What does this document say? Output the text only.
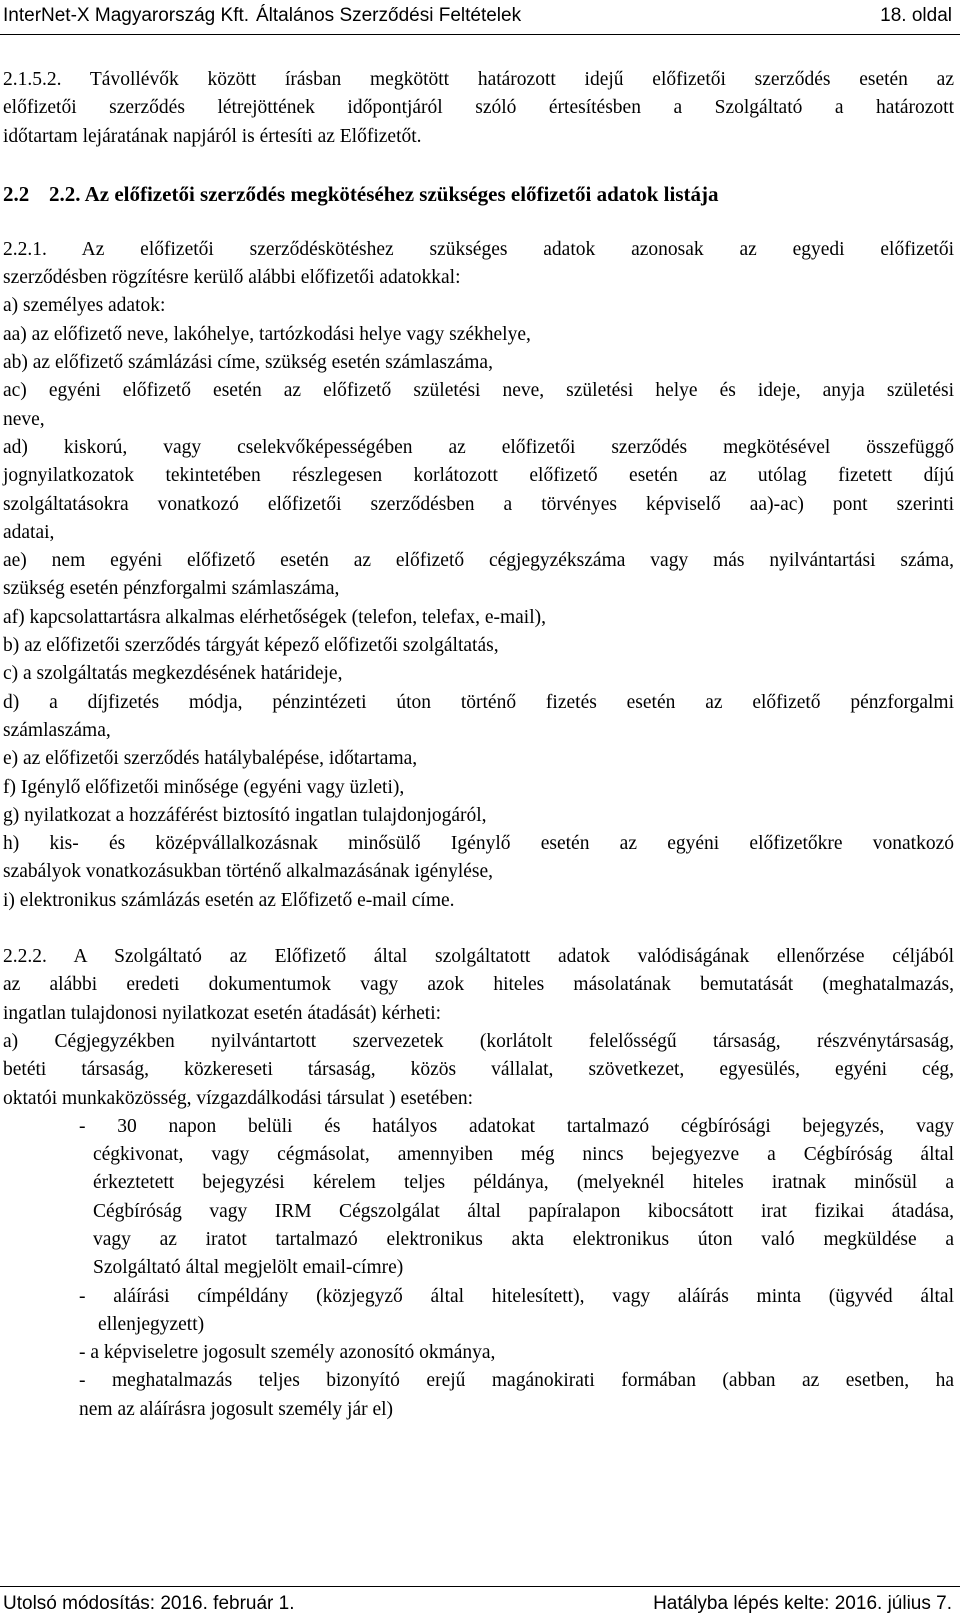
InterNet-X Magyarország Kft. Általános Szerződési Feltételek	18. oldal
2.1.5.2. Távollévők között írásban megkötött határozott idejű előfizetői szerződés esetén az
előfizetői szerződés létrejöttének időpontjáról szóló értesítésben a Szolgáltató a határozott
időtartam lejáratának napjáról is értesíti az Előfizetőt.
2.2 2.2. Az előfizetői szerződés megkötéséhez szükséges előfizetői adatok listája
2.2.1. Az előfizetői szerződéskötéshez szükséges adatok azonosak az egyedi előfizetői
szerződésben rögzítésre kerülő alábbi előfizetői adatokkal:
a) személyes adatok:
aa) az előfizető neve, lakóhelye, tartózkodási helye vagy székhelye,
ab) az előfizető számlázási címe, szükség esetén számlaszáma,
ac) egyéni előfizető esetén az előfizető születési neve, születési helye és ideje, anyja születési
neve,
ad) kiskorú, vagy cselekvőképességében az előfizetői szerződés megkötésével összefüggő
jognyilatkozatok tekintetében részlegesen korlátozott előfizető esetén az utólag fizetett díjú
szolgáltatásokra vonatkozó előfizetői szerződésben a törvényes képviselő aa)-ac) pont szerinti
adatai,
ae) nem egyéni előfizető esetén az előfizető cégjegyzékszáma vagy más nyilvántartási száma,
szükség esetén pénzforgalmi számlaszáma,
af) kapcsolattartásra alkalmas elérhetőségek (telefon, telefax, e-mail),
b) az előfizetői szerződés tárgyát képező előfizetői szolgáltatás,
c) a szolgáltatás megkezdésének határideje,
d) a díjfizetés módja, pénzintézeti úton történő fizetés esetén az előfizető pénzforgalmi
számlaszáma,
e) az előfizetői szerződés hatálybalépése, időtartama,
f) Igénylő előfizetői minősége (egyéni vagy üzleti),
g) nyilatkozat a hozzáférést biztosító ingatlan tulajdonjogáról,
h) kis- és középvállalkozásnak minősülő Igénylő esetén az egyéni előfizetőkre vonatkozó
szabályok vonatkozásukban történő alkalmazásának igénylése,
i) elektronikus számlázás esetén az Előfizető e-mail címe.
2.2.2. A Szolgáltató az Előfizető által szolgáltatott adatok valódiságának ellenőrzése céljából
az alábbi eredeti dokumentumok vagy azok hiteles másolatának bemutatását (meghatalmazás,
ingatlan tulajdonosi nyilatkozat esetén átadását) kérheti:
a) Cégjegyzékben nyilvántartott szervezetek (korlátolt felelősségű társaság, részvénytársaság,
betéti társaság, közkereseti társaság, közös vállalat, szövetkezet, egyesülés, egyéni cég,
oktatói munkaközösség, vízgazdálkodási társulat ) esetében:
- 30 napon belüli és hatályos adatokat tartalmazó cégbírósági bejegyzés, vagy
cégkivonat, vagy cégmásolat, amennyiben még nincs bejegyezve a Cégbíróság által
érkeztetett bejegyzési kérelem teljes példánya, (melyeknél hiteles iratnak minősül a
Cégbíróság vagy IRM Cégszolgálat által papíralapon kibocsátott irat fizikai átadása,
vagy az iratot tartalmazó elektronikus akta elektronikus úton való megküldése a
Szolgáltató által megjelölt email-címre)
- aláírási címpéldány (közjegyző által hitelesített), vagy aláírás minta (ügyvéd által
ellenjegyzett)
- a képviseletre jogosult személy azonosító okmánya,
- meghatalmazás teljes bizonyító erejű magánokirati formában (abban az esetben, ha
nem az aláírásra jogosult személy jár el)
Utolsó módosítás: 2016. február 1.	Hatályba lépés kelte: 2016. július 7.
